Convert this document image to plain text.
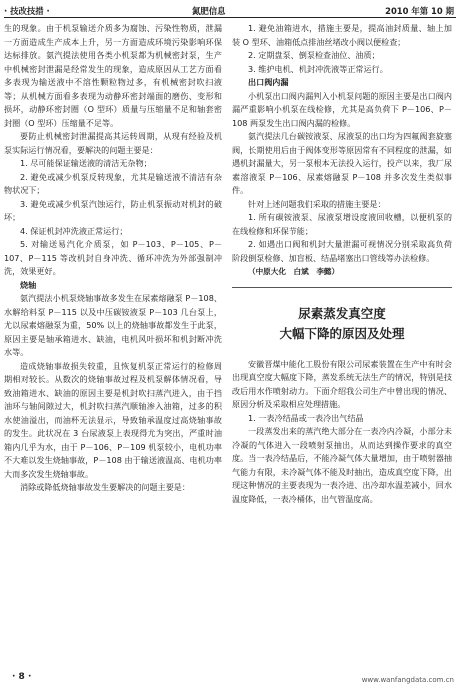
· 技改技措 ·	氮肥信息	2010 年第 10 期

生的现象。由于机泵输送介质多为腐蚀、污染性物质，泄漏一方面造成生产成本上升，另一方面造成环境污染影响环保达标排放。氨汽提法使用各类小机泵都为机械密封泵，生产中机械密封泄漏是经常发生的现象，造成原因从工艺方面看多表现为输送液中不溶性颗粒物过多，有机械密封吹扫液等；从机械方面看多表现为动静环密封端面的磨伤、变形和损坏，动静环密封圈（O 型环）质量与压缩量不足和轴套密封圈（O 型环）压缩量不足等。

要防止机械密封泄漏提高其运转周期，从现有经验及机泵实际运行情况看，要解决的问题主要是：

1. 尽可能保证输送液的清洁无杂物；

2. 避免或减少机泵反转现象，尤其是输送液不清洁有杂物状况下；

3. 避免或减少机泵汽蚀运行，防止机泵振动对机封的破坏；

4. 保证机封冲洗液正常运行；

5. 对输送易汽化介质泵，如 P－103、P－105、P－107、P－115 等改机封自身冲洗、循环冲洗为外部强制冲洗，效果更好。

烧轴

氨汽提法小机泵烧轴事故多发生在尿素熔融泵 P－108、水解给料泵 P－115 以及中压碳铵液泵 P－103 几台泵上，尤以尿素熔融泵为重，50% 以上的烧轴事故都发生于此泵，原因主要是轴承箱进水、缺油，电机风叶损坏和机封断冲洗水等。

造成烧轴事故损失较重，且恢复机泵正常运行的检修周期相对较长。从数次的烧轴事故过程及机泵解体情况看，导致油箱进水、缺油的原因主要是机封吹扫蒸汽进入，由于挡油环与轴间隙过大，机封吹扫蒸汽顺轴渗入油箱，过多的积水使油溢出，而油杯无法显示，导致轴承温度过高烧轴事故的发生。此状况在 3 台尿液泵上表现得尤为突出，严重时油箱内几乎为水，由于 P－106、P－109 机泵较小，电机功率不大难以发生烧轴事故，P－108 由于输送液温高、电机功率大而多次发生烧轴事故。

消除或降低烧轴事故发生要解决的问题主要是：

1. 避免油箱进水，措施主要是，提高油封质量、轴上加装 O 型环、油箱低点排油丝堵改小阀以便检查；

2. 定期盘泵、倒泵检查油位、油质；

3. 维护电机、机封冲洗液等正常运行。

出口阀内漏

小机泵出口阀内漏判入小机泵问题的原因主要是出口阀内漏严重影响小机泵在线检修，尤其是高负荷下 P－106、P－108 两泵发生出口阀内漏的检修。

氨汽提法几台碳铵液泵、尿液泵的出口均为四氟阀套旋塞阀，长期使用后由于阀体变形等原因常有不同程度的泄漏，如遇机封漏量大，另一泵根本无法投入运行，投产以来，我厂尿素溶液泵 P－106、尿素熔融泵 P－108 并多次发生类似事件。

针对上述问题我们采取的措施主要是：

1. 所有碳铵液泵、尿液泵增设度液回收槽，以便机泵的在线检修和环保节能；

2. 如遇出口阀和机封大量泄漏可视情况分别采取高负荷阶段倒泵检修、加盲板、结晶堵塞出口管线等办法检修。

（中原大化　白斌　李懿）

尿素蒸发真空度
大幅下降的原因及处理

安徽晋煤中能化工股份有限公司尿素装置在生产中有时会出现真空度大幅度下降，蒸发系统无法生产的情况，特别是技改后用水作喷射动力。下面介绍我公司生产中曾出现的情况、原因分析及采取相应处理措施。

1. 一表冷结晶或一表冷出气结晶

一段蒸发出来的蒸汽绝大部分在一表冷内冷凝，小部分未冷凝的气体进入一段喷射泵抽出，从而达到操作要求的真空度。当一表冷结晶后，不能冷凝气体大量增加，由于喷射器抽气能力有限，未冷凝气体不能及时抽出，造成真空度下降，出现这种情况的主要表现为一表冷进、出冷却水温差减小，回水温度降低，一表冷桶体，出气管温度高。

· 8 ·	www.wanfangdata.com.cn
